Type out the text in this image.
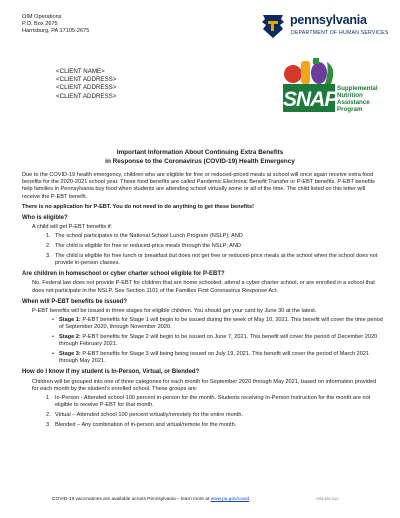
OIM Operations
P.O. Box 2675
Harrisburg, PA 17105-2675
pennsylvania
DEPARTMENT OF HUMAN SERVICES
<CLIENT NAME>
<CLIENT ADDRESS>
<CLIENT ADDRESS>
<CLIENT ADDRESS>	SNAP Supplemental
Nutrition
Assistance
Program
Important Information About Continuing Extra Benefits
in Response to the Coronavirus (COVID-19) Health Emergency

Due to the COVID-19 health emergency, children who are eligible for free or reduced-priced meals at school will once again receive extra food benefits for the 2020-2021 school year. These food benefits are called Pandemic Electronic Benefit Transfer or P-EBT benefits. P-EBT benefits help families in Pennsylvania buy food when students are attending school virtually some or all of the time. The child listed on this letter will receive the P-EBT benefit.

There is no application for P-EBT. You do not need to do anything to get these benefits!

Who is eligible?
A child will get P-EBT benefits if:
1. The school participates in the National School Lunch Program (NSLP); AND
2. The child is eligible for free or reduced-price meals through the NSLP; AND
3. The child is eligible for free lunch or breakfast but does not get free or reduced-price meals at the school when the school does not provide in-person classes.
Are children in homeschool or cyber charter school eligible for P-EBT?

No. Federal law does not provide P-EBT for children that are home schooled, attend a cyber charter school, or are enrolled in a school that does not participate in the NSLP. See Section 1101 of the Families First Coronavirus Response Act.

When will P-EBT benefits be issued?
P-EBT benefits will be issued in three stages for eligible children. You should get your card by June 30 at the latest.
• Stage 1: P-EBT benefits for Stage 1 will begin to be issued during the week of May 10, 2021. This benefit will cover the time period of September 2020, through November 2020.
• Stage 2: P-EBT benefits for Stage 2 will begin to be issued on June 7, 2021. This benefit will cover the period of December 2020 through February 2021.
• Stage 3: P-EBT benefits for Stage 3 will being being issued on July 19, 2021. This benefit will cover the period of March 2021 through May 2021.
How do I know if my student is In-Person, Virtual, or Blended?
Children will be grouped into one of three categories for each month for September 2020 through May 2021, based on information provided for each month by the student's enrolled school. These groups are:
1. In-Person - Attended school 100 percent in-person for the month. Students receiving In-Person Instruction for the month are not eligible to receive P-EBT for that month.
2. Virtual – Attended school 100 percent virtually/remotely for the entire month.
3. Blended – Any combination of in-person and virtual/remote for the month.
COVID-19 vaccinations are available across Pennsylvania – learn more at www.pa.gov/covid	OIM 559 4/21
